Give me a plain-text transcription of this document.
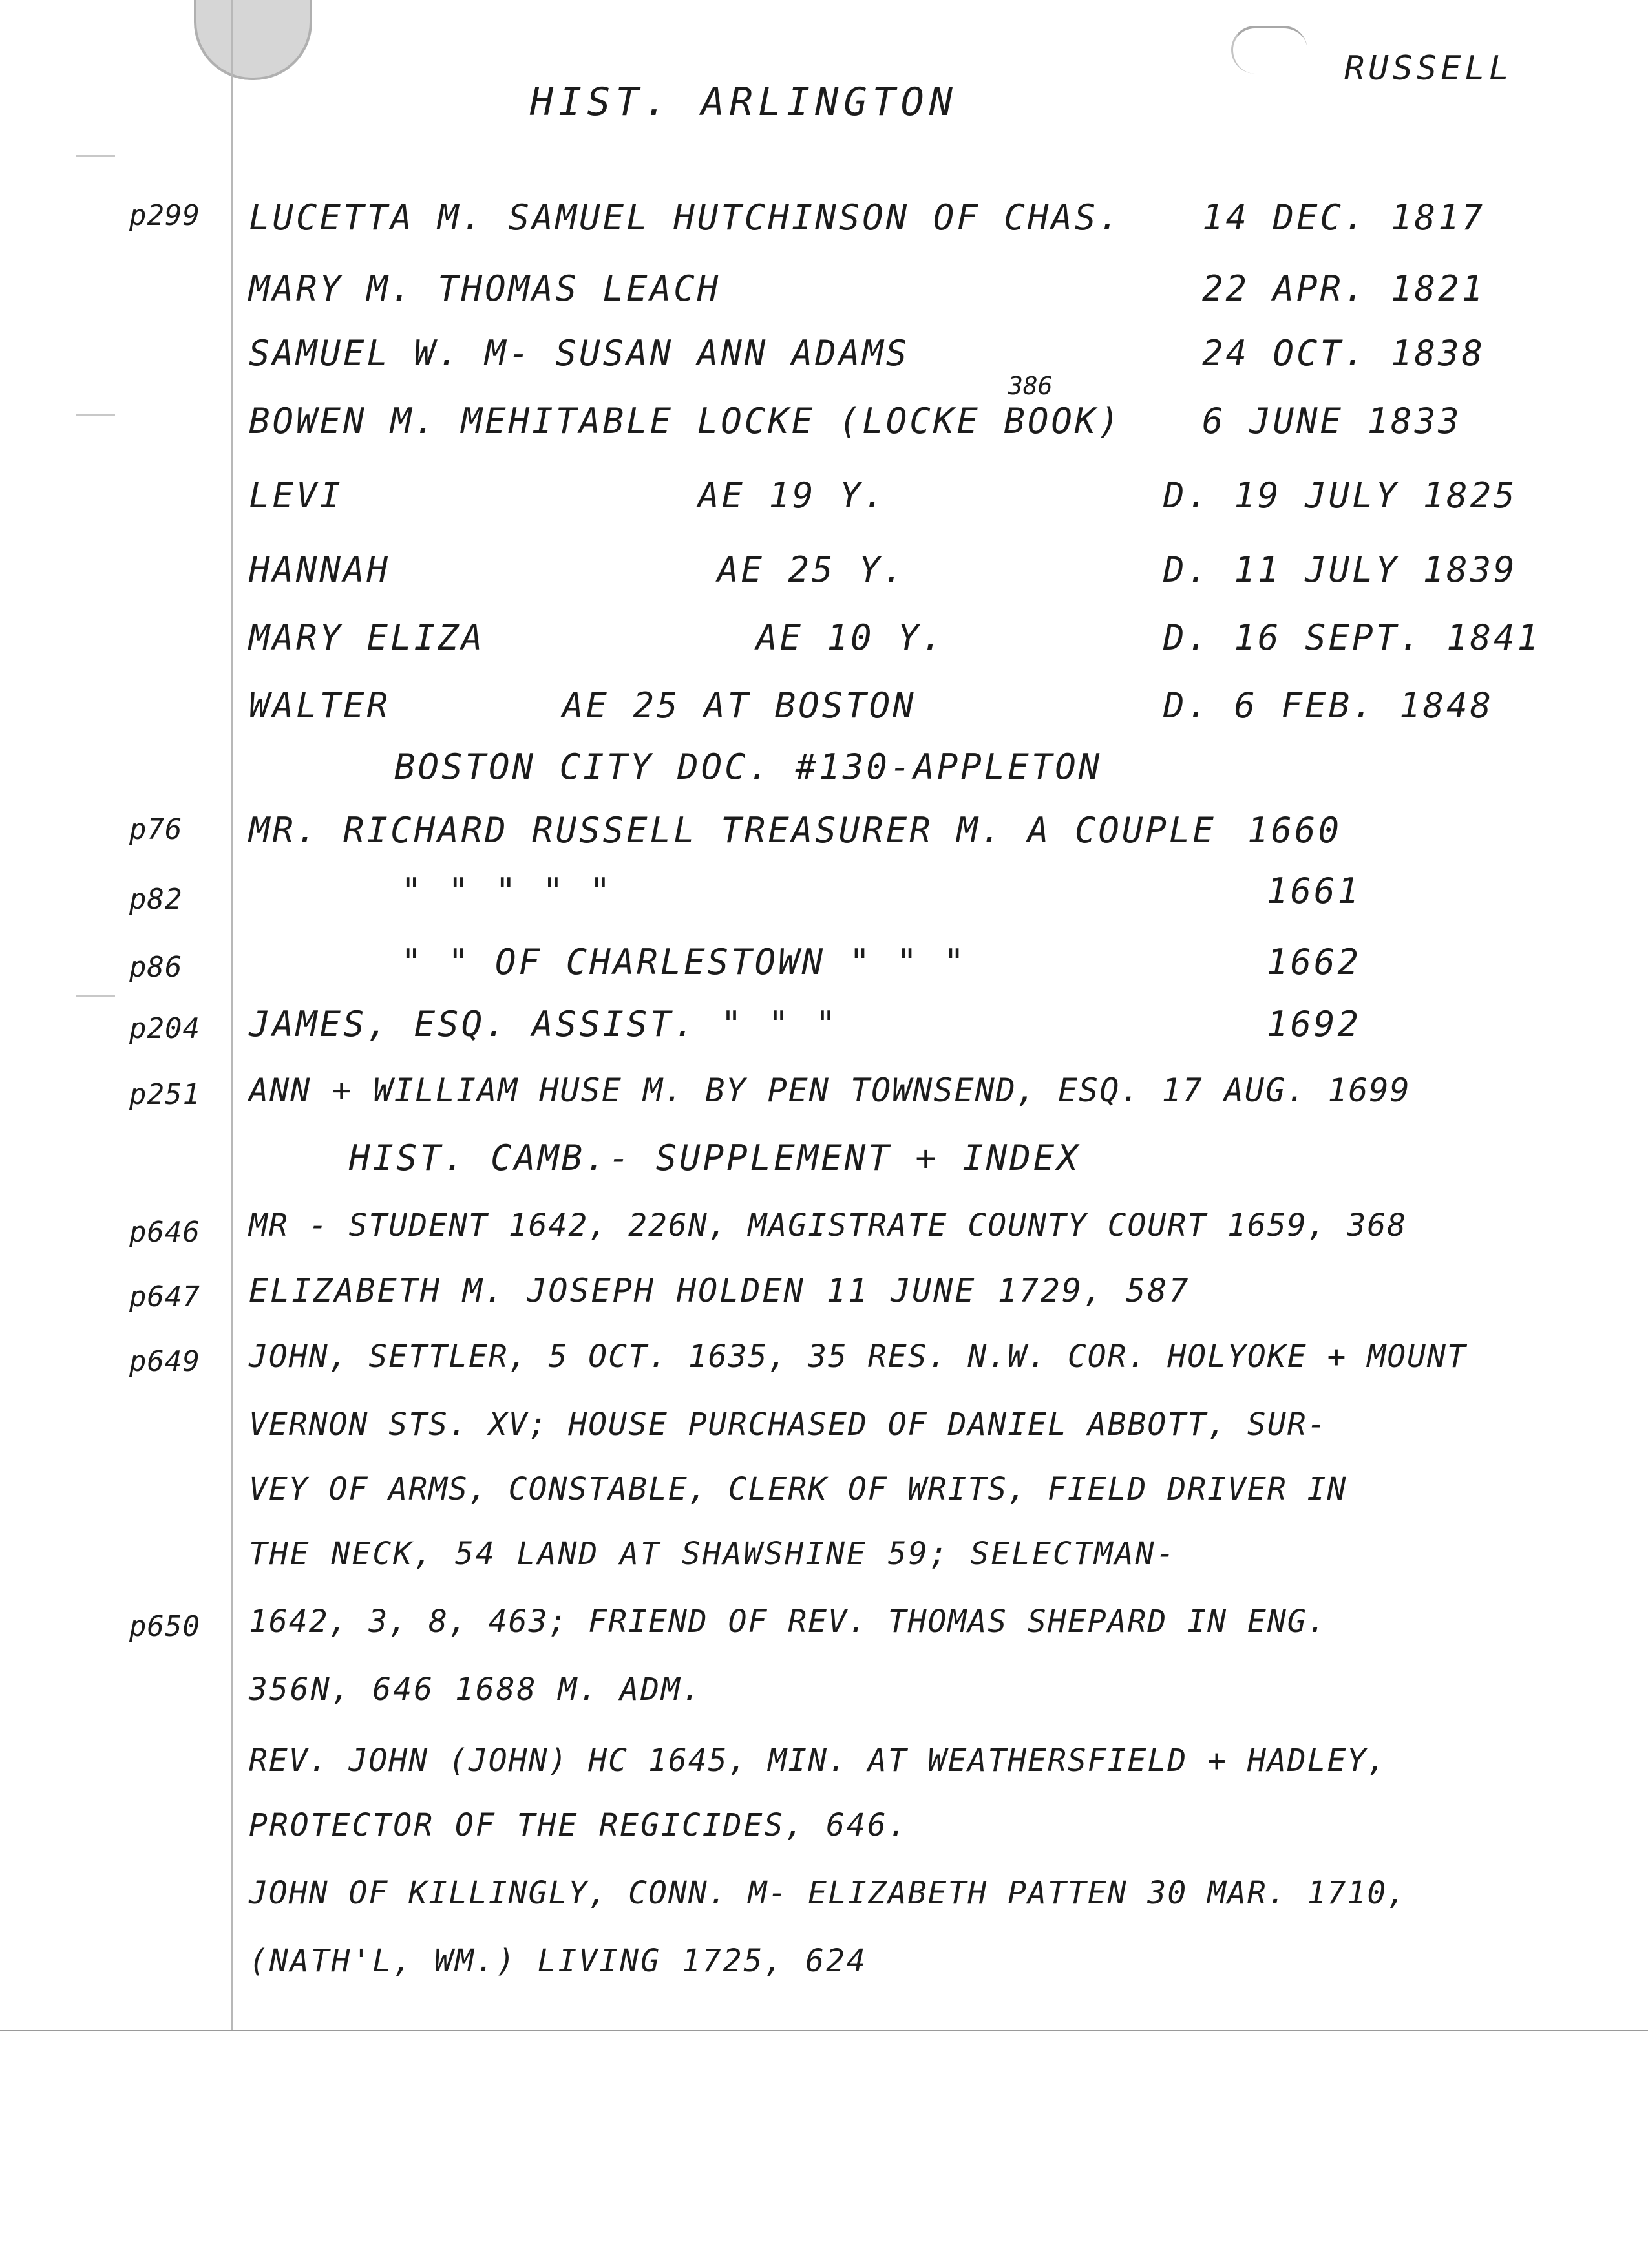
HIST. ARLINGTON
RUSSELL
p299 LUCETTA M. SAMUEL HUTCHINSON OF CHAS. 14 DEC. 1817
MARY M. THOMAS LEACH	22 APR. 1821
SAMUEL W. M- SUSAN ANN ADAMS	24 OCT. 1838
386
BOWEN M. MEHITABLE LOCKE (LOCKE BOOK) 6 JUNE 1833
LEVI	AE 19 Y.	D. 19 JULY 1825
HANNAH	AE 25 Y.	D. 11 JULY 1839
MARY ELIZA	AE 10 Y.	D. 16 SEPT. 1841
WALTER	AE 25 AT BOSTON	D. 6 FEB. 1848
BOSTON CITY DOC. #130-APPLETON
p76 MR. RICHARD RUSSELL TREASURER M. A COUPLE 1660
p82	" " " " "	1661
p86	" " OF CHARLESTOWN " " "	1662
p204 JAMES, ESQ. ASSIST. " " "	1692
p251 ANN + WILLIAM HUSE M. BY PEN TOWNSEND, ESQ. 17 AUG. 1699
HIST. CAMB.- SUPPLEMENT + INDEX
p646 MR - STUDENT 1642, 226N, MAGISTRATE COUNTY COURT 1659, 368
p647 ELIZABETH M. JOSEPH HOLDEN 11 JUNE 1729, 587
p649 JOHN, SETTLER, 5 OCT. 1635, 35 RES. N.W. COR. HOLYOKE + MOUNT
VERNON STS. XV; HOUSE PURCHASED OF DANIEL ABBOTT, SUR-
VEY OF ARMS, CONSTABLE, CLERK OF WRITS, FIELD DRIVER IN
THE NECK, 54 LAND AT SHAWSHINE 59; SELECTMAN-
p650 1642, 3, 8, 463; FRIEND OF REV. THOMAS SHEPARD IN ENG.
356N, 646 1688 M. ADM.
REV. JOHN (JOHN) HC 1645, MIN. AT WEATHERSFIELD + HADLEY,
PROTECTOR OF THE REGICIDES, 646.
JOHN OF KILLINGLY, CONN. M- ELIZABETH PATTEN 30 MAR. 1710,
(NATH'L, WM.) LIVING 1725, 624
